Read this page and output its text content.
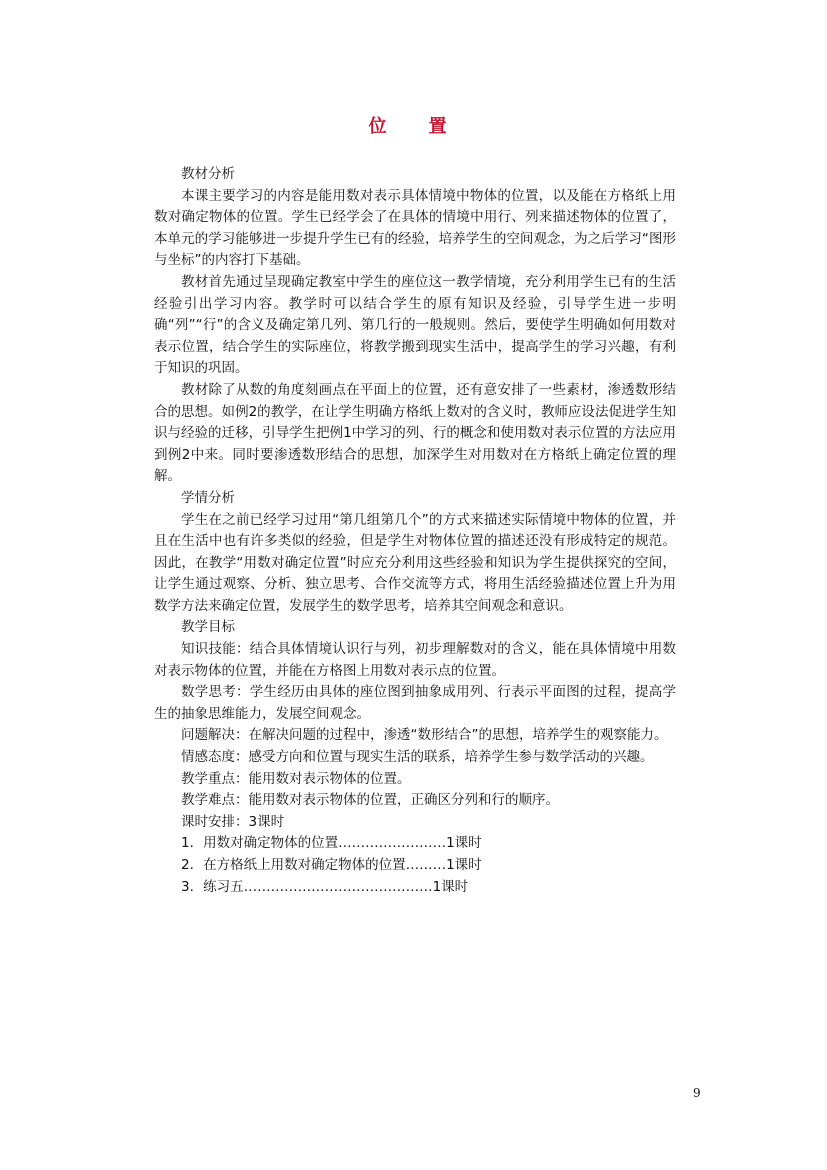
位　置

教材分析

本课主要学习的内容是能用数对表示具体情境中物体的位置，以及能在方格纸上用数对确定物体的位置。学生已经学会了在具体的情境中用行、列来描述物体的位置了，本单元的学习能够进一步提升学生已有的经验，培养学生的空间观念，为之后学习“图形与坐标”的内容打下基础。

教材首先通过呈现确定教室中学生的座位这一教学情境，充分利用学生已有的生活经验引出学习内容。教学时可以结合学生的原有知识及经验，引导学生进一步明确“列”“行”的含义及确定第几列、第几行的一般规则。然后，要使学生明确如何用数对表示位置，结合学生的实际座位，将教学搬到现实生活中，提高学生的学习兴趣，有利于知识的巩固。

教材除了从数的角度刻画点在平面上的位置，还有意安排了一些素材，渗透数形结合的思想。如例2的教学，在让学生明确方格纸上数对的含义时，教师应设法促进学生知识与经验的迁移，引导学生把例1中学习的列、行的概念和使用数对表示位置的方法应用到例2中来。同时要渗透数形结合的思想，加深学生对用数对在方格纸上确定位置的理解。

学情分析

学生在之前已经学习过用“第几组第几个”的方式来描述实际情境中物体的位置，并且在生活中也有许多类似的经验，但是学生对物体位置的描述还没有形成特定的规范。因此，在教学“用数对确定位置”时应充分利用这些经验和知识为学生提供探究的空间，让学生通过观察、分析、独立思考、合作交流等方式，将用生活经验描述位置上升为用数学方法来确定位置，发展学生的数学思考，培养其空间观念和意识。

教学目标

知识技能：结合具体情境认识行与列，初步理解数对的含义，能在具体情境中用数对表示物体的位置，并能在方格图上用数对表示点的位置。

数学思考：学生经历由具体的座位图到抽象成用列、行表示平面图的过程，提高学生的抽象思维能力，发展空间观念。

问题解决：在解决问题的过程中，渗透“数形结合”的思想，培养学生的观察能力。

情感态度：感受方向和位置与现实生活的联系，培养学生参与数学活动的兴趣。

教学重点：能用数对表示物体的位置。

教学难点：能用数对表示物体的位置，正确区分列和行的顺序。

课时安排：3课时

1．用数对确定物体的位置……………………1课时

2．在方格纸上用数对确定物体的位置………1课时

3．练习五……………………………………1课时

9
